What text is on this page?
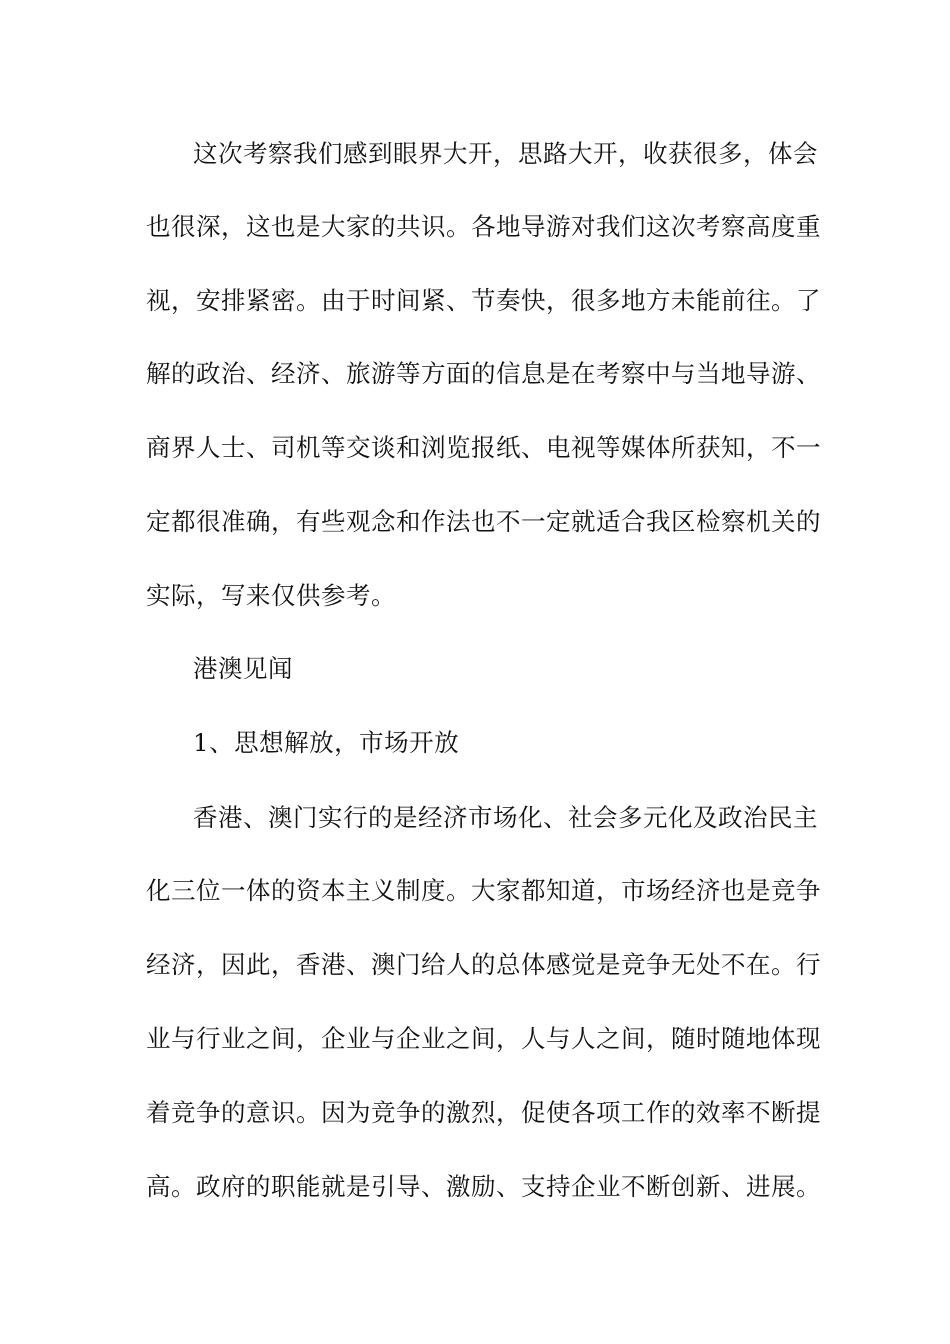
这次考察我们感到眼界大开，思路大开，收获很多，体会
也很深，这也是大家的共识。各地导游对我们这次考察高度重
视，安排紧密。由于时间紧、节奏快，很多地方未能前往。了
解的政治、经济、旅游等方面的信息是在考察中与当地导游、
商界人士、司机等交谈和浏览报纸、电视等媒体所获知，不一
定都很准确，有些观念和作法也不一定就适合我区检察机关的
实际，写来仅供参考。
港澳见闻
1、思想解放，市场开放
香港、澳门实行的是经济市场化、社会多元化及政治民主
化三位一体的资本主义制度。大家都知道，市场经济也是竞争
经济，因此，香港、澳门给人的总体感觉是竞争无处不在。行
业与行业之间，企业与企业之间，人与人之间，随时随地体现
着竞争的意识。因为竞争的激烈，促使各项工作的效率不断提
高。政府的职能就是引导、激励、支持企业不断创新、进展。
